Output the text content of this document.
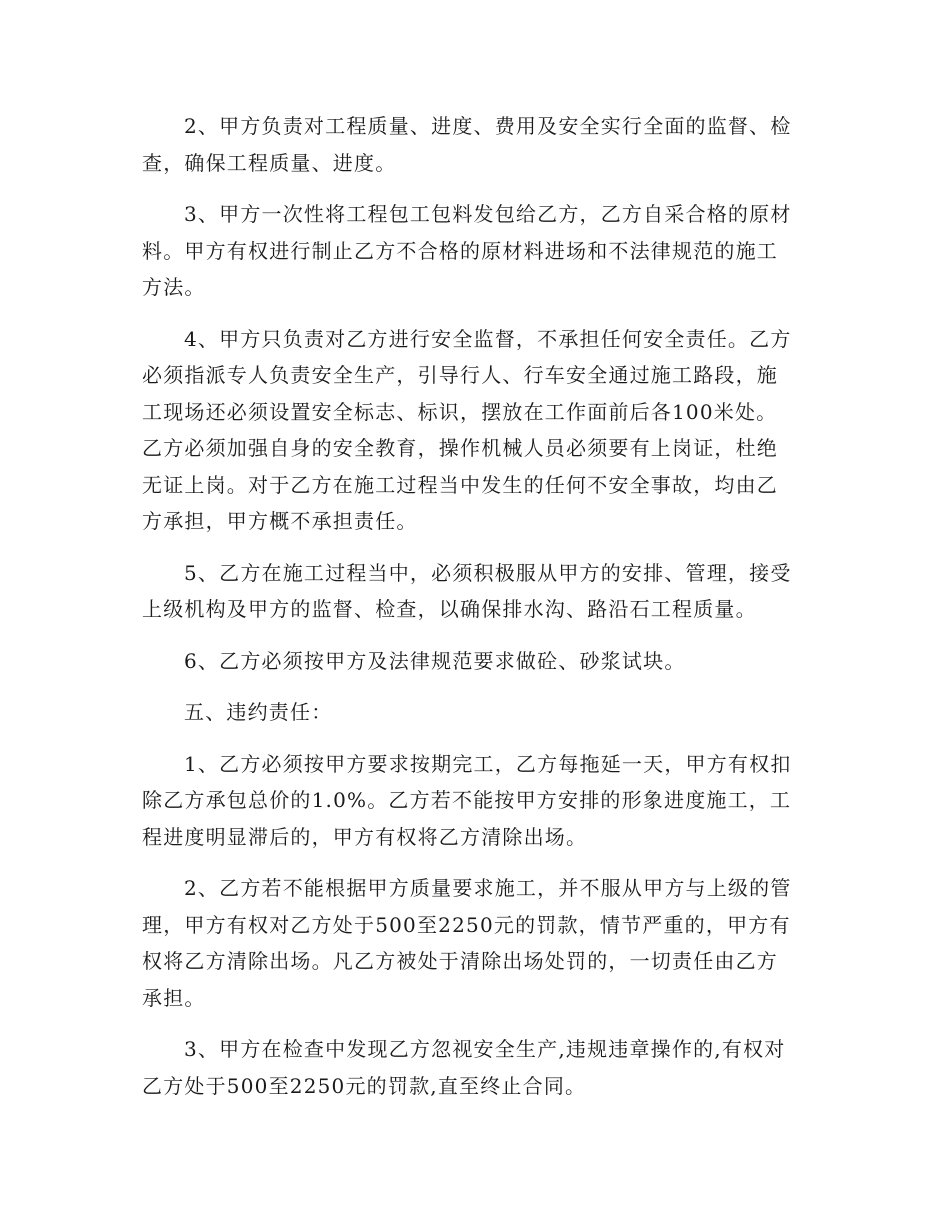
2、甲方负责对工程质量、进度、费用及安全实行全面的监督、检
查，确保工程质量、进度。
3、甲方一次性将工程包工包料发包给乙方，乙方自采合格的原材
料。甲方有权进行制止乙方不合格的原材料进场和不法律规范的施工
方法。
4、甲方只负责对乙方进行安全监督，不承担任何安全责任。乙方
必须指派专人负责安全生产，引导行人、行车安全通过施工路段，施
工现场还必须设置安全标志、标识，摆放在工作面前后各100米处。
乙方必须加强自身的安全教育，操作机械人员必须要有上岗证，杜绝
无证上岗。对于乙方在施工过程当中发生的任何不安全事故，均由乙
方承担，甲方概不承担责任。
5、乙方在施工过程当中，必须积极服从甲方的安排、管理，接受
上级机构及甲方的监督、检查，以确保排水沟、路沿石工程质量。
6、乙方必须按甲方及法律规范要求做砼、砂浆试块。
五、违约责任：
1、乙方必须按甲方要求按期完工，乙方每拖延一天，甲方有权扣
除乙方承包总价的1.0%。乙方若不能按甲方安排的形象进度施工，工
程进度明显滞后的，甲方有权将乙方清除出场。
2、乙方若不能根据甲方质量要求施工，并不服从甲方与上级的管
理，甲方有权对乙方处于500至2250元的罚款，情节严重的，甲方有
权将乙方清除出场。凡乙方被处于清除出场处罚的，一切责任由乙方
承担。
3、甲方在检查中发现乙方忽视安全生产,违规违章操作的,有权对
乙方处于500至2250元的罚款,直至终止合同。
